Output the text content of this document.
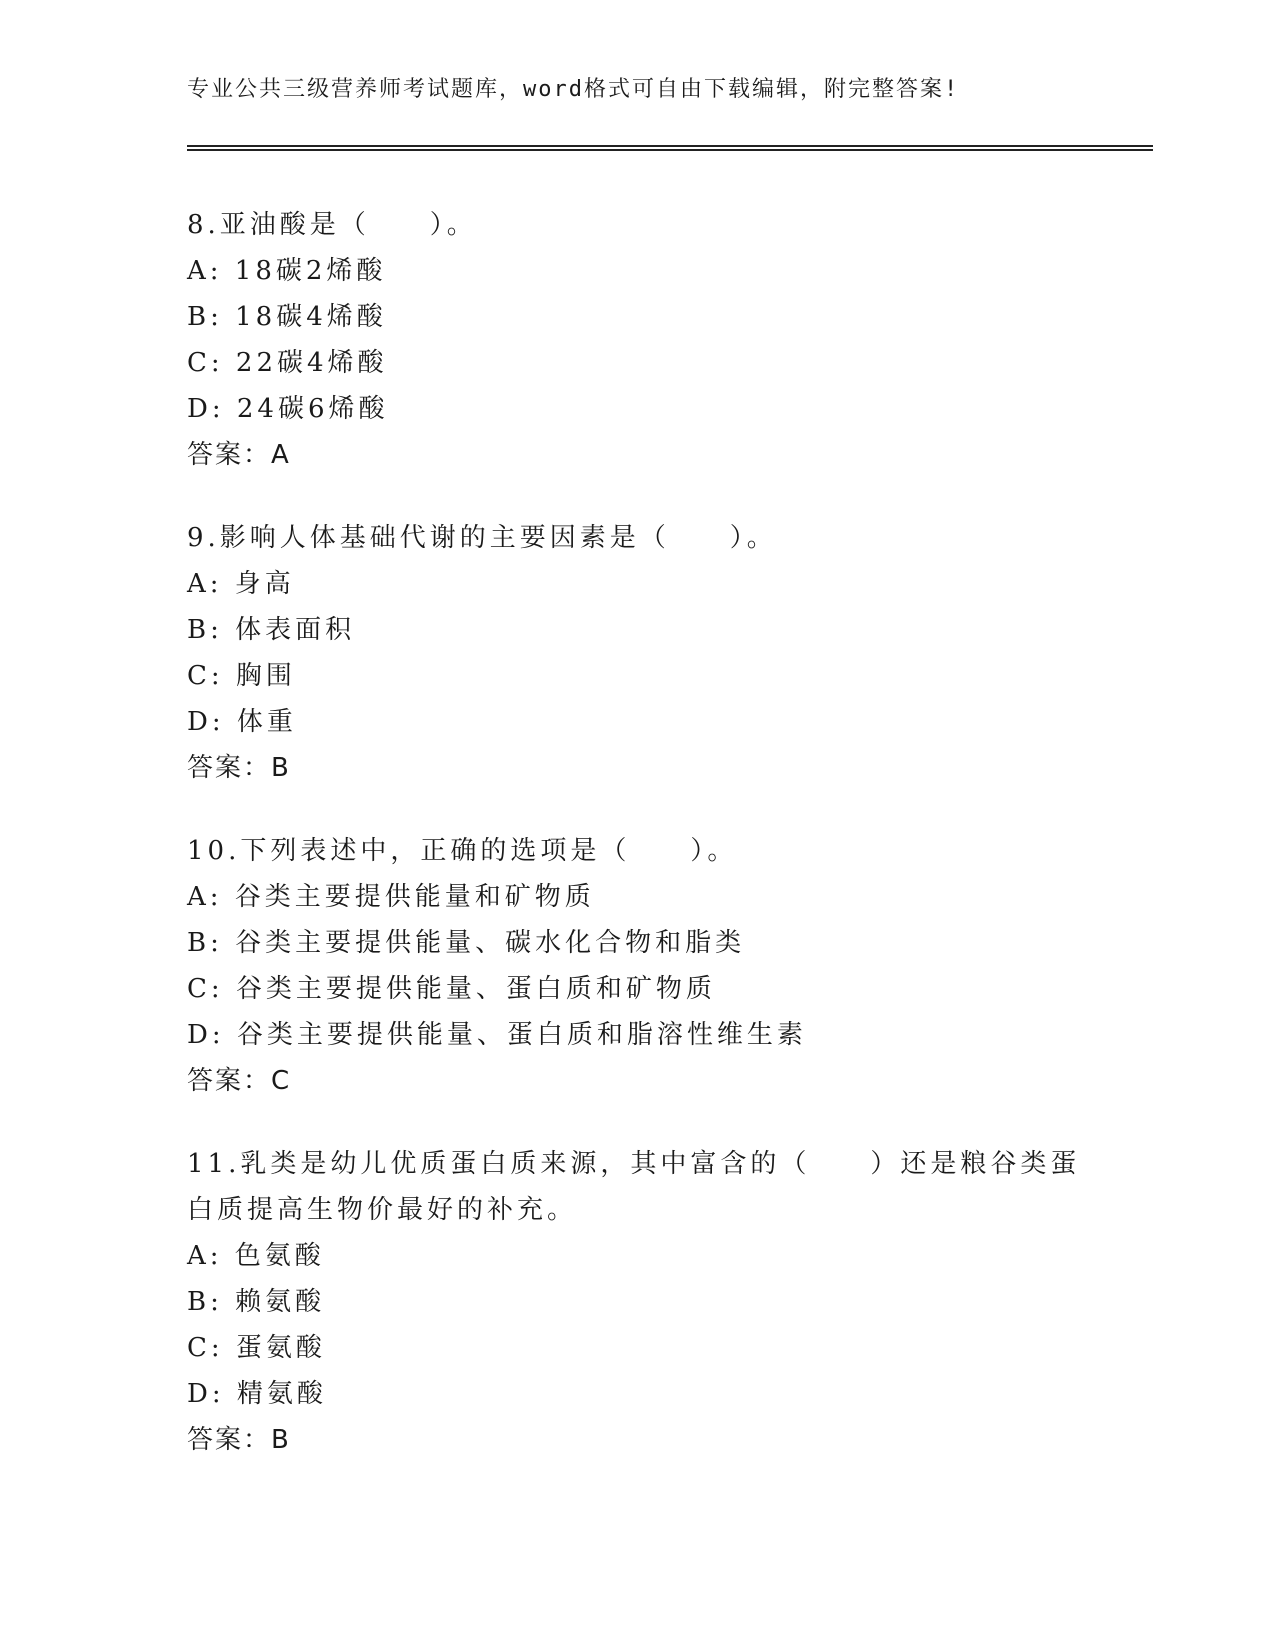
专业公共三级营养师考试题库，word格式可自由下载编辑，附完整答案!

8.亚油酸是（　　）。

A: 18碳2烯酸

B: 18碳4烯酸

C: 22碳4烯酸

D: 24碳6烯酸

答案：A

9.影响人体基础代谢的主要因素是（　　）。

A: 身高

B: 体表面积

C: 胸围

D: 体重

答案：B

10.下列表述中，正确的选项是（　　）。

A: 谷类主要提供能量和矿物质

B: 谷类主要提供能量、碳水化合物和脂类

C: 谷类主要提供能量、蛋白质和矿物质

D: 谷类主要提供能量、蛋白质和脂溶性维生素

答案：C

11.乳类是幼儿优质蛋白质来源，其中富含的（　　）还是粮谷类蛋白质提高生物价最好的补充。

A: 色氨酸

B: 赖氨酸

C: 蛋氨酸

D: 精氨酸

答案：B
